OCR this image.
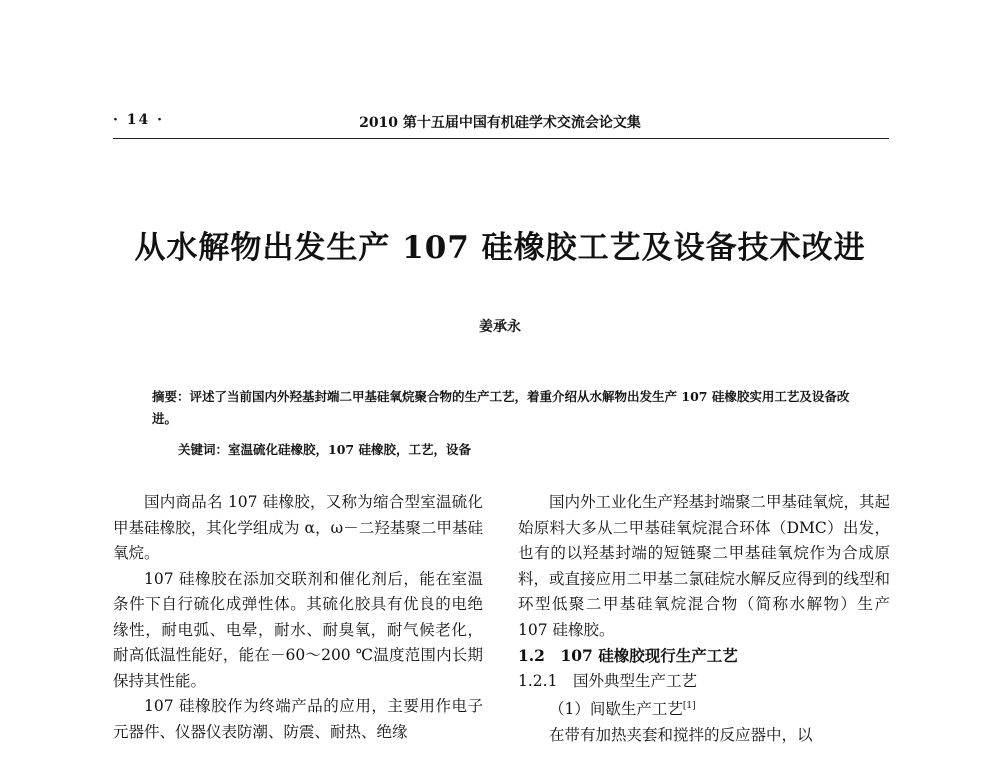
· 14 ·	2010 第十五届中国有机硅学术交流会论文集
从水解物出发生产 107 硅橡胶工艺及设备技术改进
姜承永

摘要：评述了当前国内外羟基封端二甲基硅氧烷聚合物的生产工艺，着重介绍从水解物出发生产 107 硅橡胶实用工艺及设备改进。

关键词：室温硫化硅橡胶，107 硅橡胶，工艺，设备

国内商品名 107 硅橡胶，又称为缩合型室温硫化甲基硅橡胶，其化学组成为 α，ω－二羟基聚二甲基硅氧烷。

107 硅橡胶在添加交联剂和催化剂后，能在室温条件下自行硫化成弹性体。其硫化胶具有优良的电绝缘性，耐电弧、电晕，耐水、耐臭氧，耐气候老化，耐高低温性能好，能在－60～200 ℃温度范围内长期保持其性能。

107 硅橡胶作为终端产品的应用，主要用作电子元器件、仪器仪表防潮、防震、耐热、绝缘

国内外工业化生产羟基封端聚二甲基硅氧烷，其起始原料大多从二甲基硅氧烷混合环体（DMC）出发，也有的以羟基封端的短链聚二甲基硅氧烷作为合成原料，或直接应用二甲基二氯硅烷水解反应得到的线型和环型低聚二甲基硅氧烷混合物（简称水解物）生产 107 硅橡胶。

1.2　107 硅橡胶现行生产工艺

1.2.1　国外典型生产工艺

（1）间歇生产工艺[1]

在带有加热夹套和搅拌的反应器中，以
